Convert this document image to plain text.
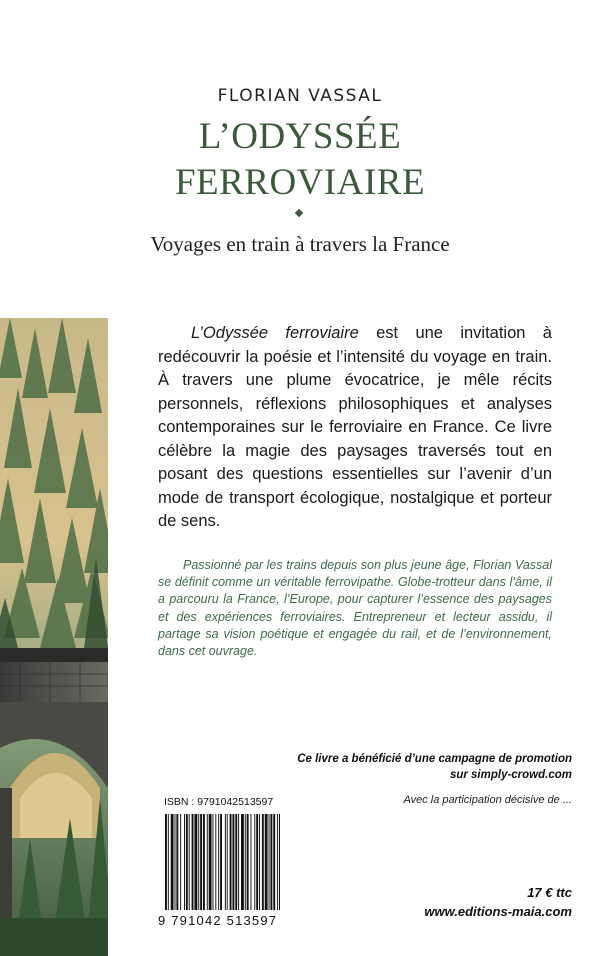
FLORIAN VASSAL
L’ODYSSÉE
FERROVIAIRE
Voyages en train à travers la France
  L’Odyssée ferroviaire est une invitation à redécouvrir la poésie et l’intensité du voyage en train. À travers une plume évocatrice, je mêle récits personnels, réflexions philosophiques et analyses contemporaines sur le ferroviaire en France. Ce livre célèbre la magie des paysages traversés tout en posant des questions essentielles sur l’avenir d’un mode de transport écologique, nostalgique et porteur de sens.
  Passionné par les trains depuis son plus jeune âge, Florian Vassal se définit comme un véritable ferrovipathe. Globe-trotteur dans l’âme, il a parcouru la France, l’Europe, pour capturer l’essence des paysages et des expériences ferroviaires. Entrepreneur et lecteur assidu, il partage sa vision poétique et engagée du rail, et de l’environnement, dans cet ouvrage.
Ce livre a bénéficié d’une campagne de promotion
sur simply-crowd.com
Avec la participation décisive de ...
ISBN : 9791042513597
9 791042 513597
17 € ttc
www.editions-maia.com
